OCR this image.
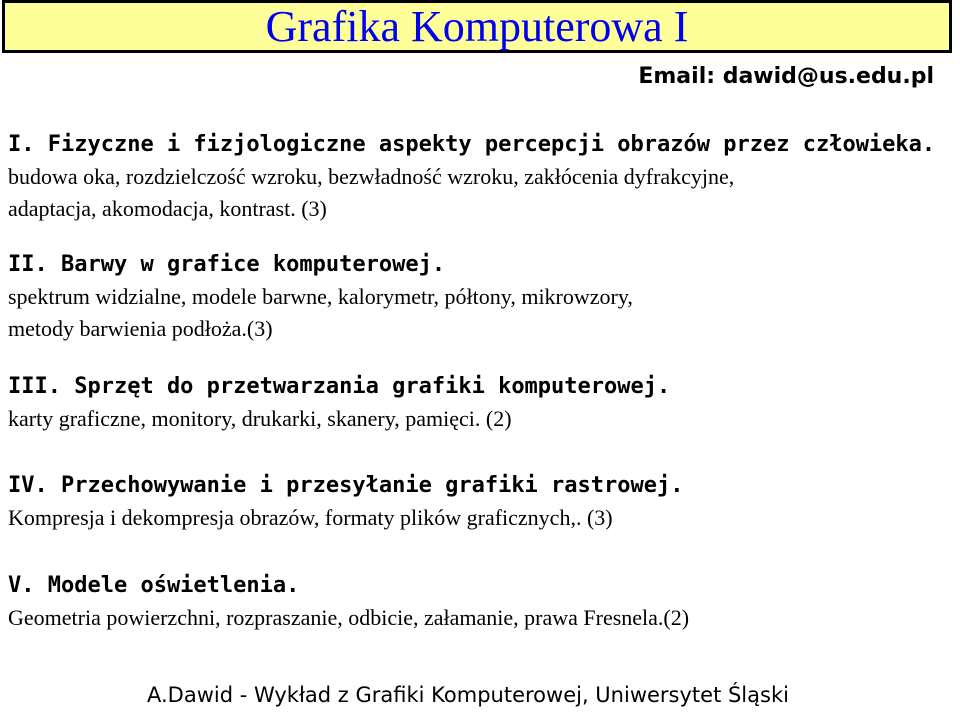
Grafika Komputerowa I
Email: dawid@us.edu.pl
I. Fizyczne i fizjologiczne aspekty percepcji obrazów przez człowieka.
budowa oka, rozdzielczość wzroku, bezwładność wzroku, zakłócenia dyfrakcyjne,
adaptacja, akomodacja, kontrast. (3)
II. Barwy w grafice komputerowej.
spektrum widzialne, modele barwne, kalorymetr, półtony, mikrowzory,
metody barwienia podłoża.(3)
III. Sprzęt do przetwarzania grafiki komputerowej.
karty graficzne, monitory, drukarki, skanery, pamięci. (2)
IV. Przechowywanie i przesyłanie grafiki rastrowej.
Kompresja i dekompresja obrazów, formaty plików graficznych,. (3)
V. Modele oświetlenia.
Geometria powierzchni, rozpraszanie, odbicie, załamanie, prawa Fresnela.(2)
A.Dawid - Wykład z Grafiki Komputerowej, Uniwersytet Śląski
